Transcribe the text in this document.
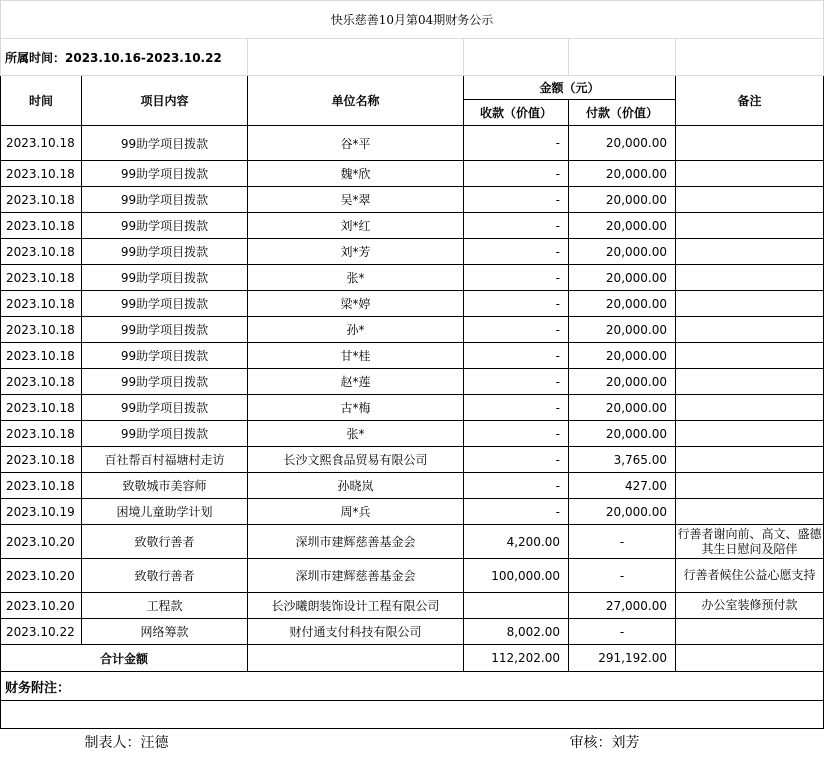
快乐慈善10月第04期财务公示					
所属时间：2023.10.16-2023.10.22					
时间	项目内容	单位名称	金额（元）		备注
			收款（价值）	付款（价值）	
2023.10.18	99助学项目拨款	谷*平	-	20,000.00	
2023.10.18	99助学项目拨款	魏*欣	-	20,000.00	
2023.10.18	99助学项目拨款	吴*翠	-	20,000.00	
2023.10.18	99助学项目拨款	刘*红	-	20,000.00	
2023.10.18	99助学项目拨款	刘*芳	-	20,000.00	
2023.10.18	99助学项目拨款	张*	-	20,000.00	
2023.10.18	99助学项目拨款	梁*婷	-	20,000.00	
2023.10.18	99助学项目拨款	孙*	-	20,000.00	
2023.10.18	99助学项目拨款	甘*桂	-	20,000.00	
2023.10.18	99助学项目拨款	赵*莲	-	20,000.00	
2023.10.18	99助学项目拨款	古*梅	-	20,000.00	
2023.10.18	99助学项目拨款	张*	-	20,000.00	
2023.10.18	百社帮百村福塘村走访	长沙文熙食品贸易有限公司	-	3,765.00	
2023.10.18	致敬城市美容师	孙晓岚	-	427.00	
2023.10.19	困境儿童助学计划	周*兵	-	20,000.00	
2023.10.20	致敬行善者	深圳市建辉慈善基金会	4,200.00	-	行善者谢向前、高文、盛德其生日慰问及陪伴
2023.10.20	致敬行善者	深圳市建辉慈善基金会	100,000.00	-	行善者候住公益心愿支持
2023.10.20	工程款	长沙曦朗装饰设计工程有限公司		27,000.00	办公室装修预付款
2023.10.22	网络筹款	财付通支付科技有限公司	8,002.00	-	
合计金额			112,202.00	291,192.00	
财务附注：					

	制表人：汪德			审核：刘芳	
